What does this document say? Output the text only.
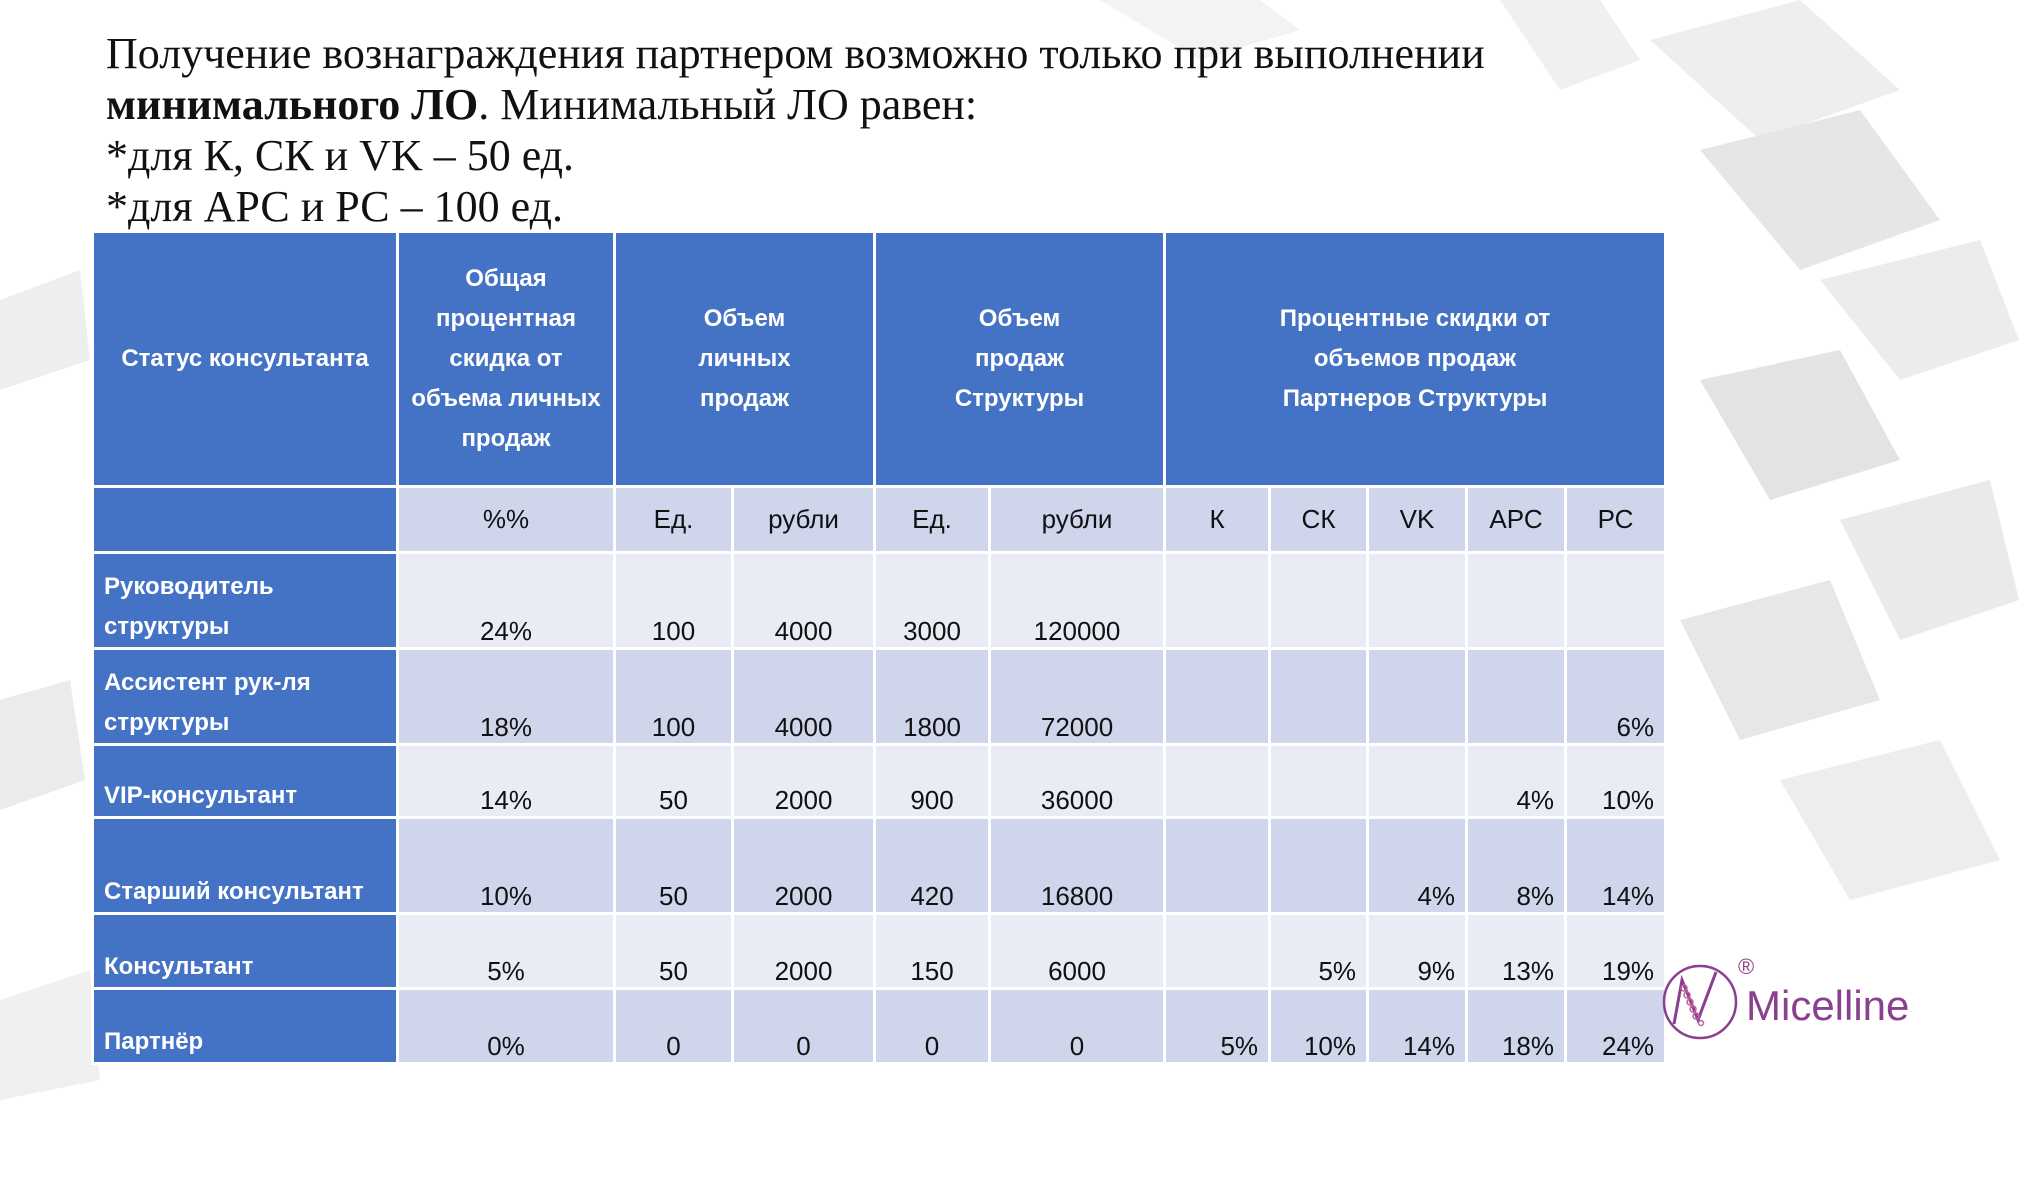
Получение вознаграждения партнером возможно только при выполнении
минимального ЛО. Минимальный ЛО равен:
*для К, СК и VK – 50 ед.
*для АРС и РС – 100 ед.
Статус консультанта	Общая процентная скидка от объема личных продаж	Объем личных продаж		Объем продаж Структуры		Процентные скидки от объемов продаж Партнеров Структуры				
	%%	Ед.	рубли	Ед.	рубли	К	СК	VK	АРС	РС
Руководитель структуры	24%	100	4000	3000	120000					
Ассистент рук-ля структуры	18%	100	4000	1800	72000					6%
VIP-консультант	14%	50	2000	900	36000				4%	10%
Старший консультант	10%	50	2000	420	16800			4%	8%	14%
Консультант	5%	50	2000	150	6000		5%	9%	13%	19%
Партнёр	0%	0	0	0	0	5%	10%	14%	18%	24%
®
Micelline
